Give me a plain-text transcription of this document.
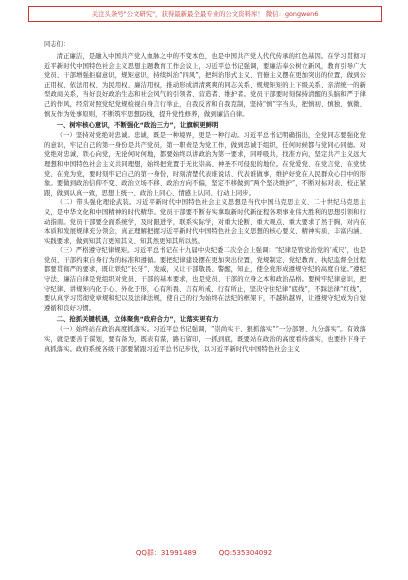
关注头条号"公文研究"，获得最新最全最专业的公文资料库！ 微信：gongwen6
同志们：

清正廉洁，是融入中国共产党人血脉之中的不变本色，也是中国共产党人代代传承的红色基因。在学习贯彻习近平新时代中国特色社会主义思想主题教育工作会议上，习近平总书记强调，要廉洁奉公树立新风，教育引导广大党员、干部增强拒腐意识，规矩意识，持续纠治“四风”，把纠治形式主义、官僚主义摆在更加突出的位置，做到公正用权、依法用权、为民用权、廉洁用权，推动形成清清爽爽的同志关系、规规矩矩的上下级关系、亲清统一的新型政商关系，当好良好政治生态和社会风气的引领者、营造者、维护者。党员干部要时刻保持清醒的头脑和严于律己的作风，经常对照党纪党规检视自身言行举止，自我反省和自我克制，坚持“慎”字当头，把慎初、慎独、慎微、慎友作为处事原则，不断筑牢思想防线，提升党性修养，做到廉洁自律。

一、树牢核心意识，不断强化“政治三力”，让旗帜更鲜明

（一）坚持对党绝对忠诚。忠诚，既是一种境界，更是一种行动。习近平总书记明确指出，全党同志要强化党的意识，牢记自己的第一身份是共产党员，第一职责是为党工作，做到忠诚于组织，任何时候都与党同心同德。对党绝对忠诚，铁心向党，无论何时何地，都要始终以讲政治为第一要求，同呼吸共，找准方向，坚定共产主义远大理想和中国特色社会主义共同理想，始终把党置于无比崇高、神圣不可侵犯的地位。在党爱党、在党言党、在党忧党、在党为党，要时刻牢记自己的第一身份，时刻清楚代表谁说话、代表谁做事，维护好党在人民群众心目中的形象。要做到政治信仰不变、政治立场不移、政治方向不偏，坚定不移做到“两个坚决维护”，不断对标对表、校正紧跟，做到认真一致，思想上统一、政治上同心、情感上认同、行动上同步。

（二）带头强化理论武装。习近平新时代中国特色社会主义思想是当代中国马克思主义、二十世纪马克思主义，是中华文化和中国精神的时代精华。党员干部要不断夯实拿取新时代新征程各项事业伟大胜利的思想引领和行动指南。党员干部要全面系统学，及时跟进学，联系实际学，对重大论断、重大观点、重大要求了然于胸，对内在本质和发展规律充分领会，真正理解把握习近平新时代中国特色社会主义思想的核心要义、精神实质、丰富内涵、实践要求，做到知其言更知其义、知其然更知其所以然。

（三）严格遵守纪律规矩。习近平总书记在十九届中央纪委二次全会上强调：“纪律是管党治党的‘戒尺’，也是党员、干部约束自身行为的标准和遵循。要把纪律建设摆在更加突出位置，党规制定、党纪教育、执纪监督全过程都要贯彻严的要求，既让铁纪“长牙”、发威，又让干部敬畏、警醒，知止，使全党形成遵规守纪的高度自觉。”遵纪守法、廉洁自律是党组织对党员、干部的基本要求，也是党员、干部的立身之本和政治品格。要树牢纪律意识，把守纪律、讲规矩内化于心、外化于形，心有所畏、言有所戒、行有所止，坚决守住纪律“底线”，不踩法律“红线”，要认真学习贯彻党章规和纪以及法律法规，使自己的行为始终在法纪的框架下，不越轨越界，让遵规守纪成为自觉遵循和良好习惯。

二、抢抓关键机遇，立体聚焦“政府合力”，让落实更有力

（一）始终站在政治高度抓落实。习近平总书记强调，“崇尚实干、狠抓落实”“一分部署、九分落实”。有效落实，就是要善于谋划，要有备为，既表有谋，路石留印，一抓到底，既要站在政治的高度看待落实，也要扑下身子真抓落实。政府系统各级干部要紧跟习近平总书记步伐，以习近平新时代中国特色社会主义

QQ群：31991489	QQ:535304092
